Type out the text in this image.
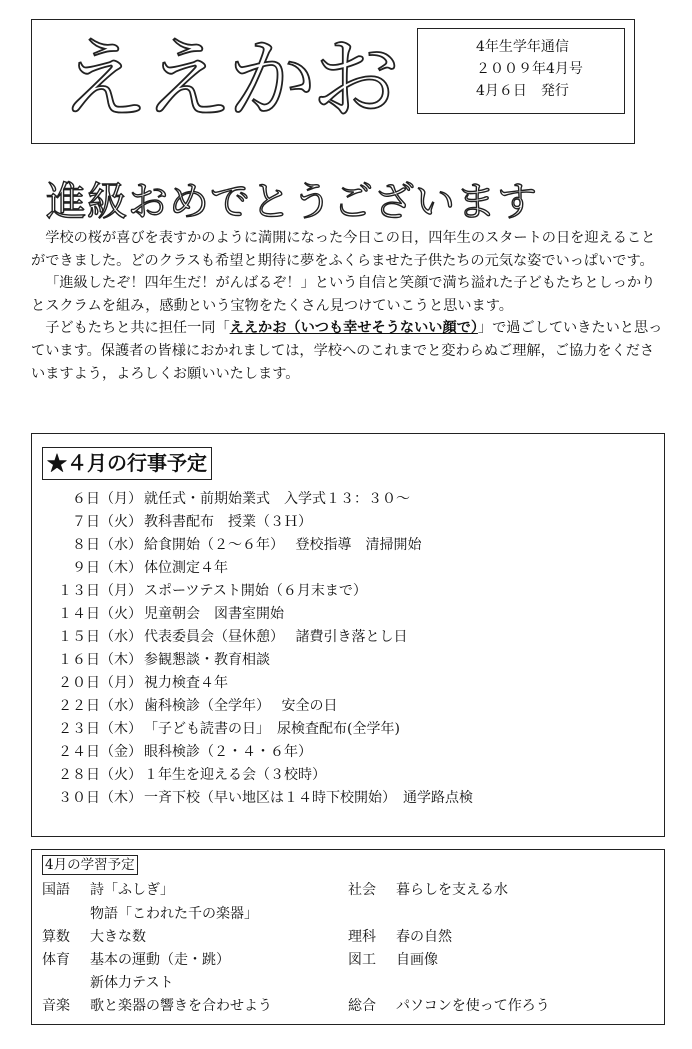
ええかお	4年生学年通信
２００９年4月号
4月６日　発行
進級おめでとうございます

学校の桜が喜びを表すかのように満開になった今日この日，四年生のスタートの日を迎えることができました。どのクラスも希望と期待に夢をふくらませた子供たちの元気な姿でいっぱいです。

「進級したぞ！四年生だ！がんばるぞ！」という自信と笑顔で満ち溢れた子どもたちとしっかりとスクラムを組み，感動という宝物をたくさん見つけていこうと思います。

子どもたちと共に担任一同「ええかお（いつも幸せそうないい顔で）」で過ごしていきたいと思っています。保護者の皆様におかれましては，学校へのこれまでと変わらぬご理解，ご協力をくださいますよう，よろしくお願いいたします。

★４月の行事予定
６日（月） 就任式・前期始業式　入学式１３：３０～
７日（火） 教科書配布　授業（３Ｈ）
８日（水） 給食開始（２～６年）　 登校指導　清掃開始
９日（木） 体位測定４年
１３日（月） スポーツテスト開始（６月末まで）
１４日（火） 児童朝会　図書室開始
１５日（水） 代表委員会（昼休憩）　 諸費引き落とし日
１６日（木） 参観懇談・教育相談
２０日（月） 視力検査４年
２２日（水） 歯科検診（全学年）　 安全の日
２３日（木） 「子ども読書の日」　尿検査配布(全学年)
２４日（金） 眼科検診（２・４・６年）
２８日（火） １年生を迎える会（３校時）
３０日（木） 一斉下校（早い地区は１４時下校開始）　通学路点検
4月の学習予定
国語 詩「ふしぎ」
物語「こわれた千の楽器」
算数 大きな数
体育 基本の運動（走・跳）
新体力テスト
音楽 歌と楽器の響きを合わせよう
社会 暮らしを支える水
理科 春の自然
図工 自画像
総合 パソコンを使って作ろう
